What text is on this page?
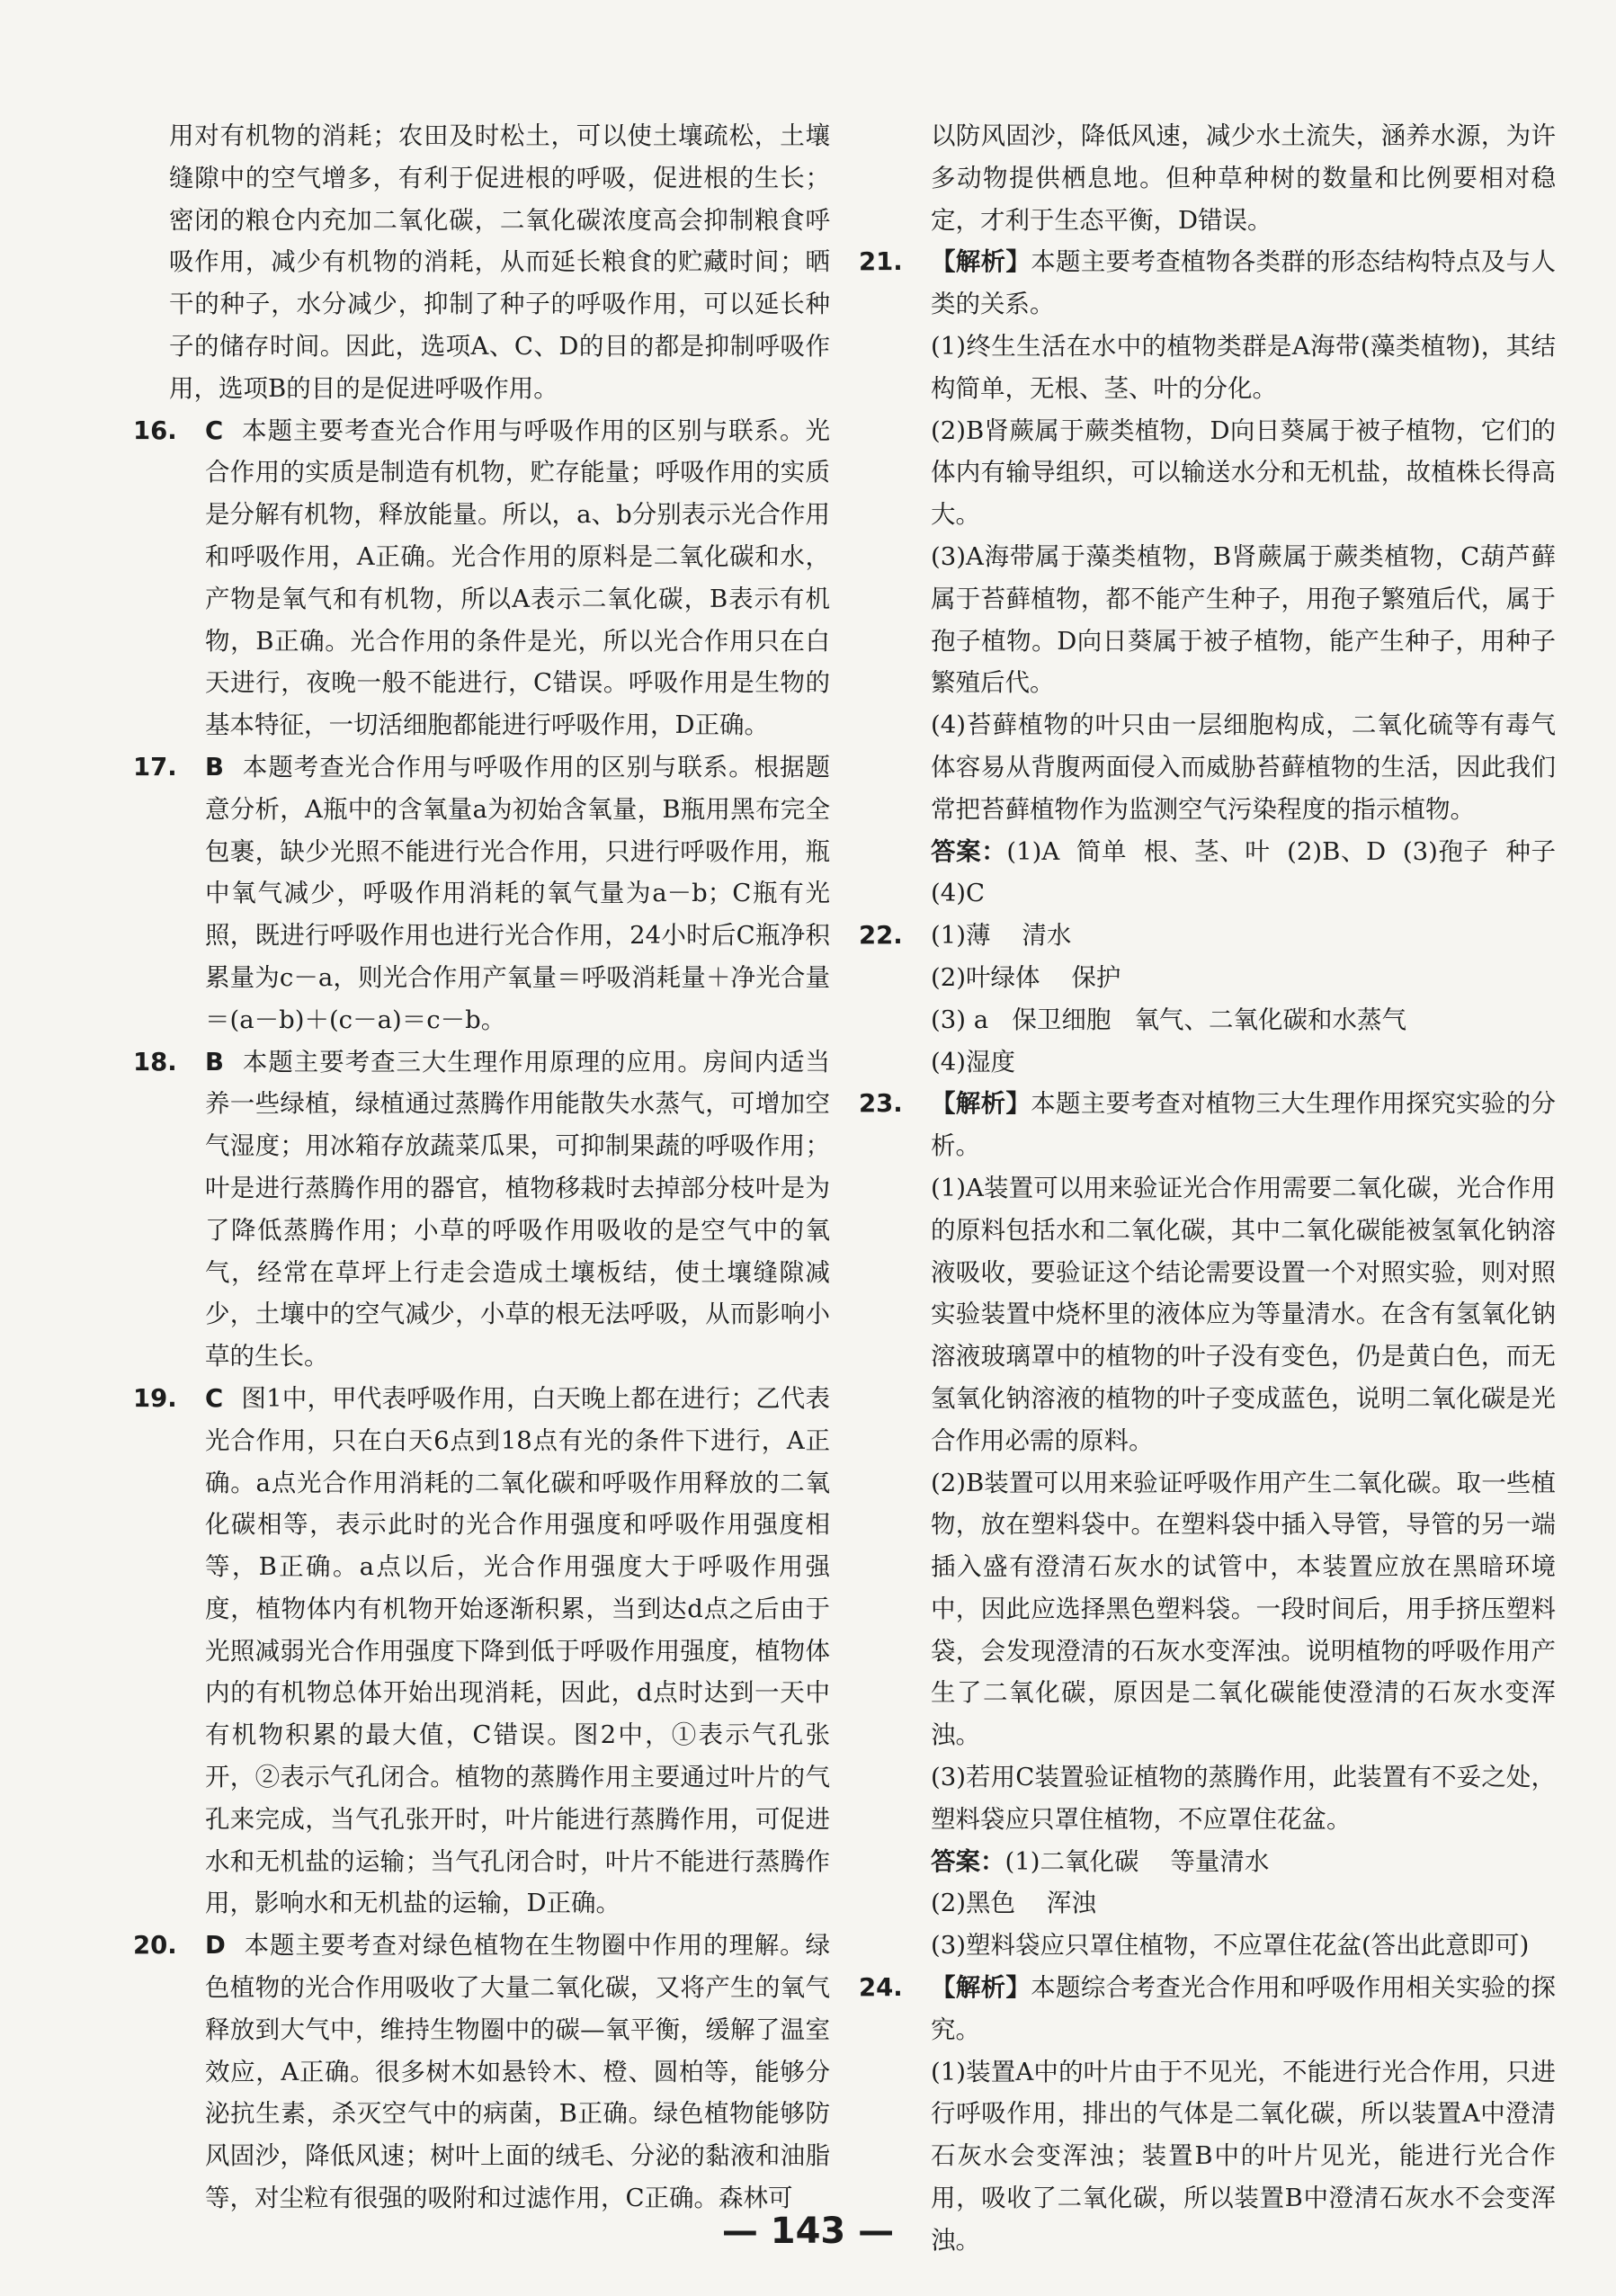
用对有机物的消耗；农田及时松土，可以使土壤疏松，土壤缝隙中的空气增多，有利于促进根的呼吸，促进根的生长；密闭的粮仓内充加二氧化碳，二氧化碳浓度高会抑制粮食呼吸作用，减少有机物的消耗，从而延长粮食的贮藏时间；晒干的种子，水分减少，抑制了种子的呼吸作用，可以延长种子的储存时间。因此，选项A、C、D的目的都是抑制呼吸作用，选项B的目的是促进呼吸作用。

16. C 本题主要考查光合作用与呼吸作用的区别与联系。光合作用的实质是制造有机物，贮存能量；呼吸作用的实质是分解有机物，释放能量。所以，a、b分别表示光合作用和呼吸作用，A正确。光合作用的原料是二氧化碳和水，产物是氧气和有机物，所以A表示二氧化碳，B表示有机物，B正确。光合作用的条件是光，所以光合作用只在白天进行，夜晚一般不能进行，C错误。呼吸作用是生物的基本特征，一切活细胞都能进行呼吸作用，D正确。
17. B 本题考查光合作用与呼吸作用的区别与联系。根据题意分析，A瓶中的含氧量a为初始含氧量，B瓶用黑布完全包裹，缺少光照不能进行光合作用，只进行呼吸作用，瓶中氧气减少，呼吸作用消耗的氧气量为a－b；C瓶有光照，既进行呼吸作用也进行光合作用，24小时后C瓶净积累量为c－a，则光合作用产氧量＝呼吸消耗量＋净光合量＝(a－b)＋(c－a)＝c－b。
18. B 本题主要考查三大生理作用原理的应用。房间内适当养一些绿植，绿植通过蒸腾作用能散失水蒸气，可增加空气湿度；用冰箱存放蔬菜瓜果，可抑制果蔬的呼吸作用；叶是进行蒸腾作用的器官，植物移栽时去掉部分枝叶是为了降低蒸腾作用；小草的呼吸作用吸收的是空气中的氧气，经常在草坪上行走会造成土壤板结，使土壤缝隙减少，土壤中的空气减少，小草的根无法呼吸，从而影响小草的生长。
19. C 图1中，甲代表呼吸作用，白天晚上都在进行；乙代表光合作用，只在白天6点到18点有光的条件下进行，A正确。a点光合作用消耗的二氧化碳和呼吸作用释放的二氧化碳相等，表示此时的光合作用强度和呼吸作用强度相等，B正确。a点以后，光合作用强度大于呼吸作用强度，植物体内有机物开始逐渐积累，当到达d点之后由于光照减弱光合作用强度下降到低于呼吸作用强度，植物体内的有机物总体开始出现消耗，因此，d点时达到一天中有机物积累的最大值，C错误。图2中，①表示气孔张开，②表示气孔闭合。植物的蒸腾作用主要通过叶片的气孔来完成，当气孔张开时，叶片能进行蒸腾作用，可促进水和无机盐的运输；当气孔闭合时，叶片不能进行蒸腾作用，影响水和无机盐的运输，D正确。
20. D 本题主要考查对绿色植物在生物圈中作用的理解。绿色植物的光合作用吸收了大量二氧化碳，又将产生的氧气释放到大气中，维持生物圈中的碳—氧平衡，缓解了温室效应，A正确。很多树木如悬铃木、橙、圆柏等，能够分泌抗生素，杀灭空气中的病菌，B正确。绿色植物能够防风固沙，降低风速；树叶上面的绒毛、分泌的黏液和油脂等，对尘粒有很强的吸附和过滤作用，C正确。森林可

以防风固沙，降低风速，减少水土流失，涵养水源，为许多动物提供栖息地。但种草种树的数量和比例要相对稳定，才利于生态平衡，D错误。

21. 【解析】本题主要考查植物各类群的形态结构特点及与人类的关系。
(1)终生生活在水中的植物类群是A海带(藻类植物)，其结构简单，无根、茎、叶的分化。
(2)B肾蕨属于蕨类植物，D向日葵属于被子植物，它们的体内有输导组织，可以输送水分和无机盐，故植株长得高大。
(3)A海带属于藻类植物，B肾蕨属于蕨类植物，C葫芦藓属于苔藓植物，都不能产生种子，用孢子繁殖后代，属于孢子植物。D向日葵属于被子植物，能产生种子，用种子繁殖后代。
(4)苔藓植物的叶只由一层细胞构成，二氧化硫等有毒气体容易从背腹两面侵入而威胁苔藓植物的生活，因此我们常把苔藓植物作为监测空气污染程度的指示植物。
答案：(1)A  简单  根、茎、叶  (2)B、D  (3)孢子  种子  (4)C
22. (1)薄    清水
(2)叶绿体    保护
(3) a   保卫细胞   氧气、二氧化碳和水蒸气
(4)湿度
23. 【解析】本题主要考查对植物三大生理作用探究实验的分析。
(1)A装置可以用来验证光合作用需要二氧化碳，光合作用的原料包括水和二氧化碳，其中二氧化碳能被氢氧化钠溶液吸收，要验证这个结论需要设置一个对照实验，则对照实验装置中烧杯里的液体应为等量清水。在含有氢氧化钠溶液玻璃罩中的植物的叶子没有变色，仍是黄白色，而无氢氧化钠溶液的植物的叶子变成蓝色，说明二氧化碳是光合作用必需的原料。
(2)B装置可以用来验证呼吸作用产生二氧化碳。取一些植物，放在塑料袋中。在塑料袋中插入导管，导管的另一端插入盛有澄清石灰水的试管中，本装置应放在黑暗环境中，因此应选择黑色塑料袋。一段时间后，用手挤压塑料袋，会发现澄清的石灰水变浑浊。说明植物的呼吸作用产生了二氧化碳，原因是二氧化碳能使澄清的石灰水变浑浊。
(3)若用C装置验证植物的蒸腾作用，此装置有不妥之处，塑料袋应只罩住植物，不应罩住花盆。
答案：(1)二氧化碳    等量清水
(2)黑色    浑浊
(3)塑料袋应只罩住植物，不应罩住花盆(答出此意即可)
24. 【解析】本题综合考查光合作用和呼吸作用相关实验的探究。
(1)装置A中的叶片由于不见光，不能进行光合作用，只进行呼吸作用，排出的气体是二氧化碳，所以装置A中澄清石灰水会变浑浊；装置B中的叶片见光，能进行光合作用，吸收了二氧化碳，所以装置B中澄清石灰水不会变浑浊。
— 143 —
